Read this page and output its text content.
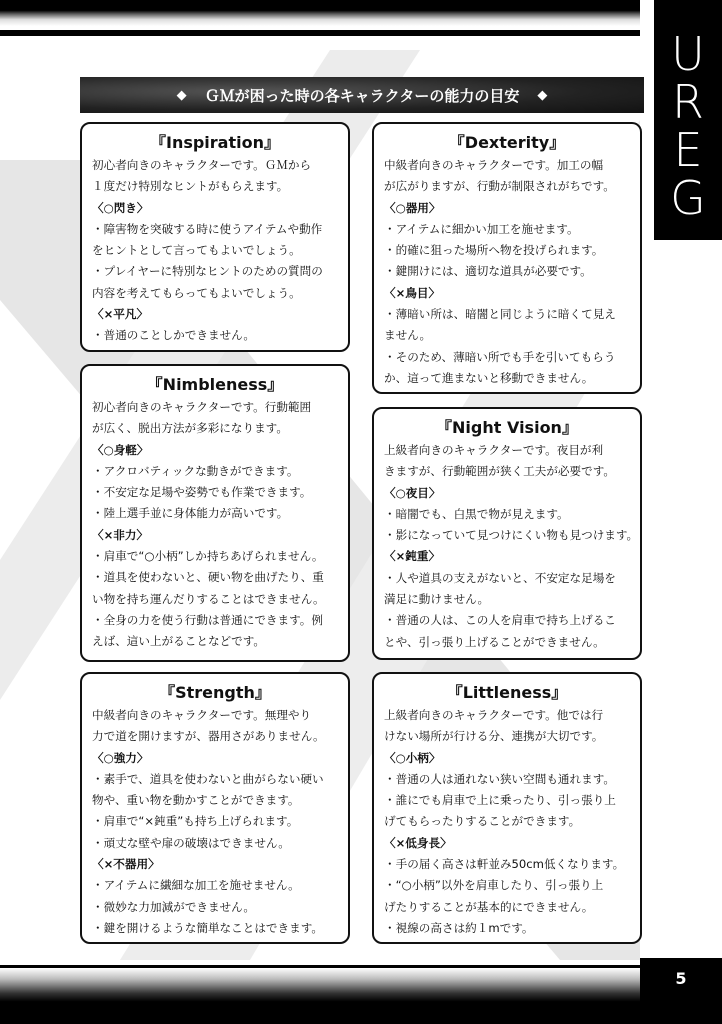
U
R
E
G
◆ ＧＭが困った時の各キャラクターの能力の目安 ◆
『Inspiration』
初心者向きのキャラクターです。ＧＭから
１度だけ特別なヒントがもらえます。
〈○閃き〉
・障害物を突破する時に使うアイテムや動作
をヒントとして言ってもよいでしょう。
・プレイヤーに特別なヒントのための質問の
内容を考えてもらってもよいでしょう。
〈×平凡〉
・普通のことしかできません。
『Dexterity』
中級者向きのキャラクターです。加工の幅
が広がりますが、行動が制限されがちです。
〈○器用〉
・アイテムに細かい加工を施せます。
・的確に狙った場所へ物を投げられます。
・鍵開けには、適切な道具が必要です。
〈×鳥目〉
・薄暗い所は、暗闇と同じように暗くて見え
ません。
・そのため、薄暗い所でも手を引いてもらう
か、這って進まないと移動できません。
『Nimbleness』
初心者向きのキャラクターです。行動範囲
が広く、脱出方法が多彩になります。
〈○身軽〉
・アクロバティックな動きができます。
・不安定な足場や姿勢でも作業できます。
・陸上選手並に身体能力が高いです。
〈×非力〉
・肩車で“○小柄”しか持ちあげられません。
・道具を使わないと、硬い物を曲げたり、重
い物を持ち運んだりすることはできません。
・全身の力を使う行動は普通にできます。例
えば、這い上がることなどです。
『Night Vision』
上級者向きのキャラクターです。夜目が利
きますが、行動範囲が狭く工夫が必要です。
〈○夜目〉
・暗闇でも、白黒で物が見えます。
・影になっていて見つけにくい物も見つけます。
〈×鈍重〉
・人や道具の支えがないと、不安定な足場を
満足に動けません。
・普通の人は、この人を肩車で持ち上げるこ
とや、引っ張り上げることができません。
『Strength』
中級者向きのキャラクターです。無理やり
力で道を開けますが、器用さがありません。
〈○強力〉
・素手で、道具を使わないと曲がらない硬い
物や、重い物を動かすことができます。
・肩車で“×鈍重”も持ち上げられます。
・頑丈な壁や扉の破壊はできません。
〈×不器用〉
・アイテムに繊細な加工を施せません。
・微妙な力加減ができません。
・鍵を開けるような簡単なことはできます。
『Littleness』
上級者向きのキャラクターです。他では行
けない場所が行ける分、連携が大切です。
〈○小柄〉
・普通の人は通れない狭い空間も通れます。
・誰にでも肩車で上に乗ったり、引っ張り上
げてもらったりすることができます。
〈×低身長〉
・手の届く高さは軒並み50cm低くなります。
・“○小柄”以外を肩車したり、引っ張り上
げたりすることが基本的にできません。
・視線の高さは約１mです。
5
